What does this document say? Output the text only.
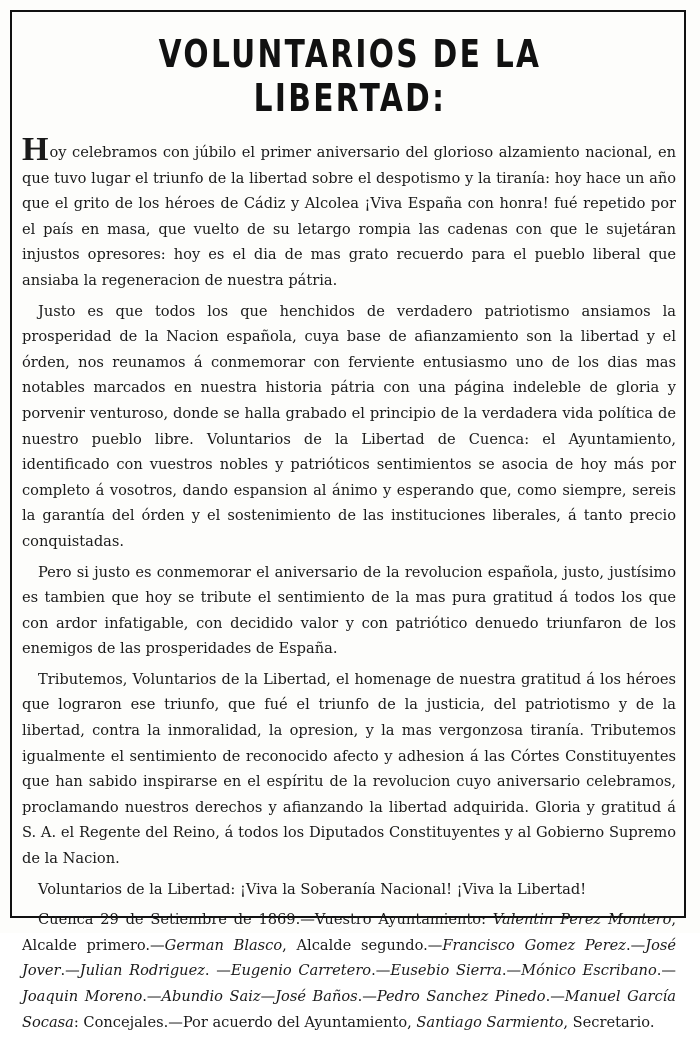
VOLUNTARIOS DE LA LIBERTAD:

Hoy celebramos con júbilo el primer aniversario del glorioso alzamiento nacional, en que tuvo lugar el triunfo de la libertad sobre el despotismo y la tiranía: hoy hace un año que el grito de los héroes de Cádiz y Alcolea ¡Viva España con honra! fué repetido por el país en masa, que vuelto de su letargo rompia las cadenas con que le sujetáran injustos opresores: hoy es el dia de mas grato recuerdo para el pueblo liberal que ansiaba la regeneracion de nuestra pátria.

Justo es que todos los que henchidos de verdadero patriotismo ansiamos la prosperidad de la Nacion española, cuya base de afianzamiento son la libertad y el órden, nos reunamos á conmemorar con ferviente entusiasmo uno de los dias mas notables marcados en nuestra historia pátria con una página indeleble de gloria y porvenir venturoso, donde se halla grabado el principio de la verdadera vida política de nuestro pueblo libre. Voluntarios de la Libertad de Cuenca: el Ayuntamiento, identificado con vuestros nobles y patrióticos sentimientos se asocia de hoy más por completo á vosotros, dando espansion al ánimo y esperando que, como siempre, sereis la garantía del órden y el sostenimiento de las instituciones liberales, á tanto precio conquistadas.

Pero si justo es conmemorar el aniversario de la revolucion española, justo, justísimo es tambien que hoy se tribute el sentimiento de la mas pura gratitud á todos los que con ardor infatigable, con decidido valor y con patriótico denuedo triunfaron de los enemigos de las prosperidades de España.

Tributemos, Voluntarios de la Libertad, el homenage de nuestra gratitud á los héroes que lograron ese triunfo, que fué el triunfo de la justicia, del patriotismo y de la libertad, contra la inmoralidad, la opresion, y la mas vergonzosa tiranía. Tributemos igualmente el sentimiento de reconocido afecto y adhesion á las Córtes Constituyentes que han sabido inspirarse en el espíritu de la revolucion cuyo aniversario celebramos, proclamando nuestros derechos y afianzando la libertad adquirida. Gloria y gratitud á S. A. el Regente del Reino, á todos los Diputados Constituyentes y al Gobierno Supremo de la Nacion.

Voluntarios de la Libertad: ¡Viva la Soberanía Nacional! ¡Viva la Libertad!

Cuenca 29 de Setiembre de 1869.—Vuestro Ayuntamiento: Valentin Perez Montero, Alcalde primero.—German Blasco, Alcalde segundo.—Francisco Gomez Perez.—José Jover.—Julian Rodriguez. —Eugenio Carretero.—Eusebio Sierra.—Mónico Escribano.—Joaquin Moreno.—Abundio Saiz—José Baños.—Pedro Sanchez Pinedo.—Manuel García Socasa: Concejales.—Por acuerdo del Ayuntamiento, Santiago Sarmiento, Secretario.
